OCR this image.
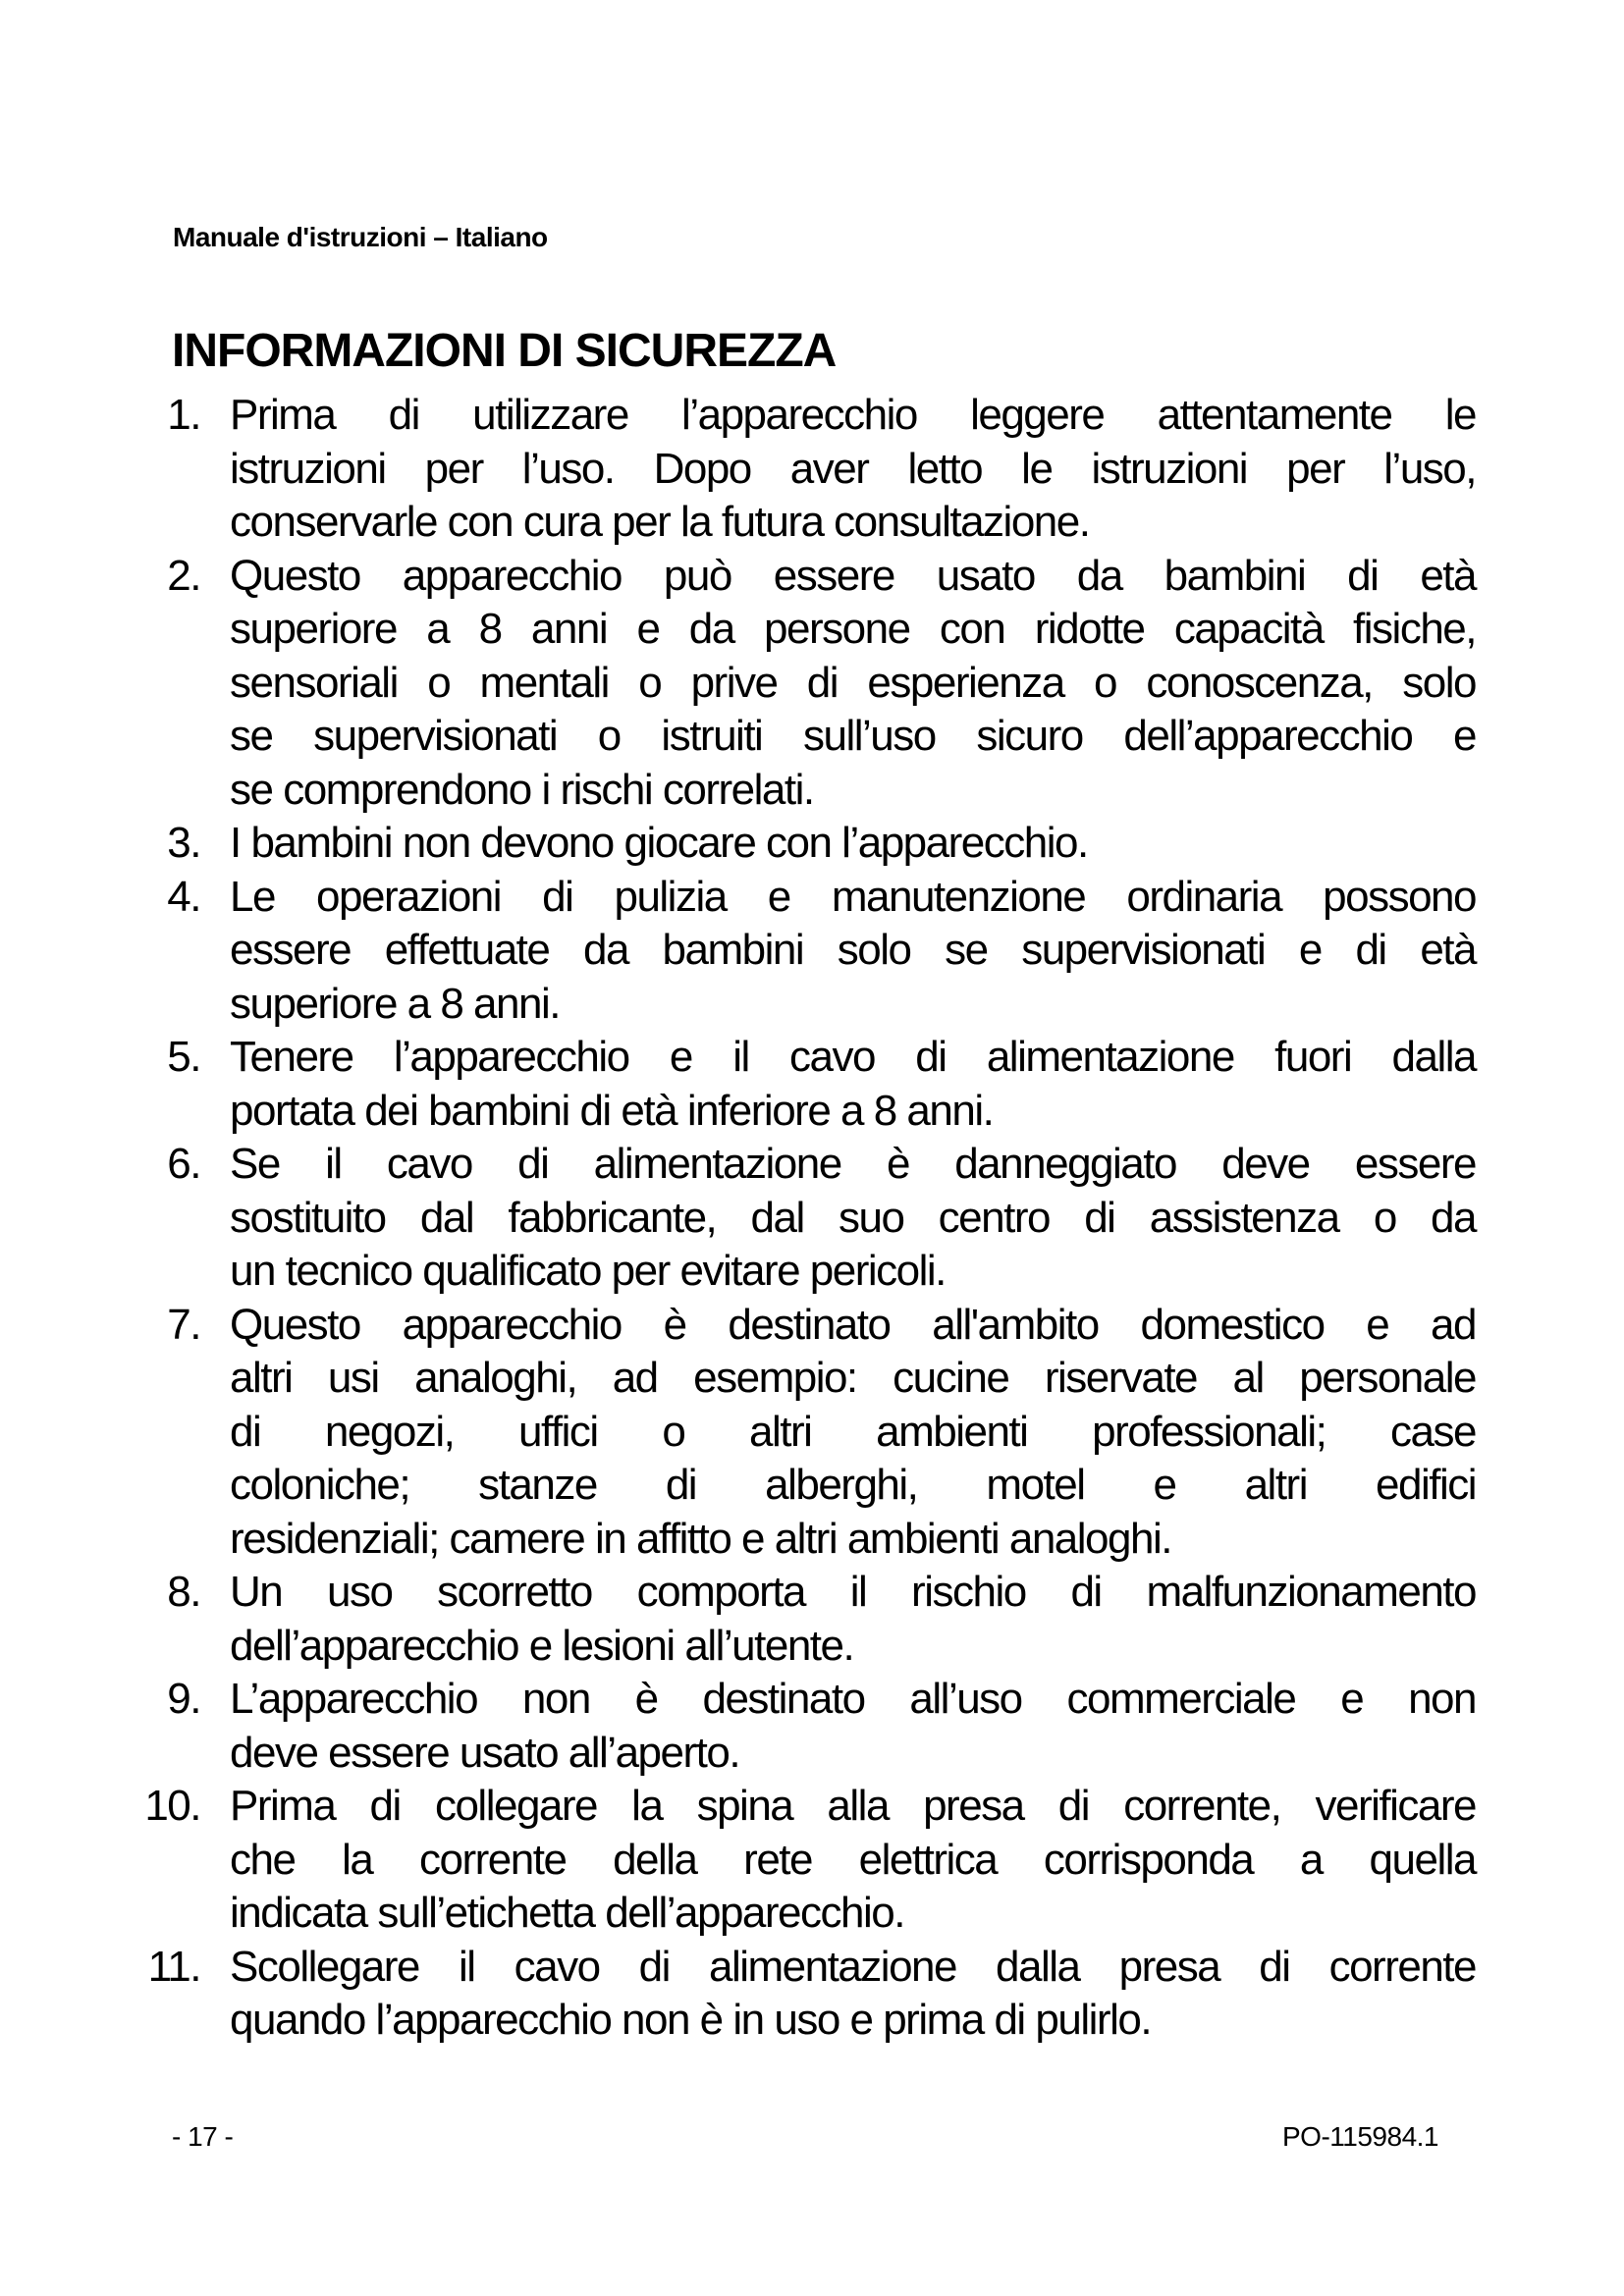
Manuale d'istruzioni – Italiano
INFORMAZIONI DI SICUREZZA
1. Prima di utilizzare l’apparecchio leggere attentamente le
istruzioni per l’uso. Dopo aver letto le istruzioni per l’uso,
conservarle con cura per la futura consultazione.
2. Questo apparecchio può essere usato da bambini di età
superiore a 8 anni e da persone con ridotte capacità fisiche,
sensoriali o mentali o prive di esperienza o conoscenza, solo
se supervisionati o istruiti sull’uso sicuro dell’apparecchio e
se comprendono i rischi correlati.
3. I bambini non devono giocare con l’apparecchio.
4. Le operazioni di pulizia e manutenzione ordinaria possono
essere effettuate da bambini solo se supervisionati e di età
superiore a 8 anni.
5. Tenere l’apparecchio e il cavo di alimentazione fuori dalla
portata dei bambini di età inferiore a 8 anni.
6. Se il cavo di alimentazione è danneggiato deve essere
sostituito dal fabbricante, dal suo centro di assistenza o da
un tecnico qualificato per evitare pericoli.
7. Questo apparecchio è destinato all'ambito domestico e ad
altri usi analoghi, ad esempio: cucine riservate al personale
di negozi, uffici o altri ambienti professionali; case
coloniche; stanze di alberghi, motel e altri edifici
residenziali; camere in affitto e altri ambienti analoghi.
8. Un uso scorretto comporta il rischio di malfunzionamento
dell’apparecchio e lesioni all’utente.
9. L’apparecchio non è destinato all’uso commerciale e non
deve essere usato all’aperto.
10. Prima di collegare la spina alla presa di corrente, verificare
che la corrente della rete elettrica corrisponda a quella
indicata sull’etichetta dell’apparecchio.
11. Scollegare il cavo di alimentazione dalla presa di corrente
quando l’apparecchio non è in uso e prima di pulirlo.
- 17 -	PO-115984.1
